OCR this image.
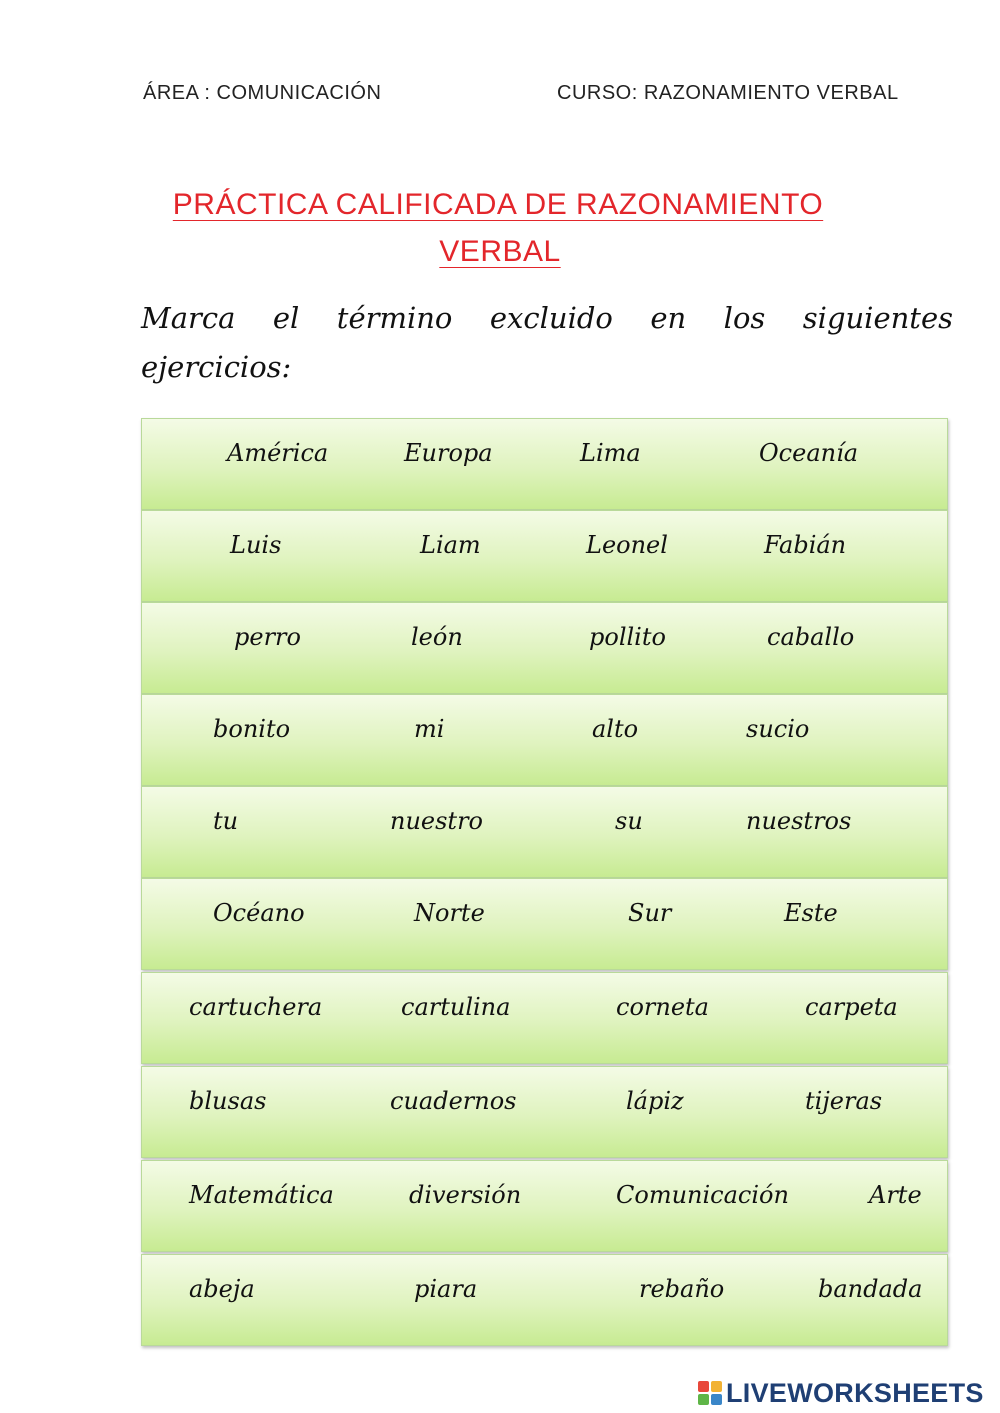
ÁREA : COMUNICACIÓN	CURSO: RAZONAMIENTO VERBAL
PRÁCTICA CALIFICADA DE RAZONAMIENTO
VERBAL
Marca el término excluido en los siguientes
ejercicios:
América	Europa	Lima	Oceanía
Luis	Liam	Leonel	Fabián
perro	león	pollito	caballo
bonito	mi	alto	sucio
tu	nuestro	su	nuestros
Océano	Norte	Sur	Este
cartuchera	cartulina	corneta	carpeta
blusas	cuadernos	lápiz	tijeras
Matemática	diversión	Comunicación	Arte
abeja	piara	rebaño	bandada
LIVEWORKSHEETS
